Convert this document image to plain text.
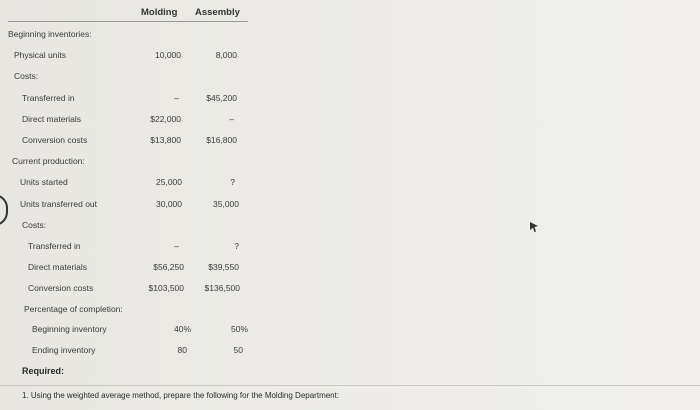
Molding Assembly
Beginning inventories:
Physical units	10,000	8,000
Costs:
Transferred in	–	$45,200
Direct materials	$22,000	–
Conversion costs	$13,800	$16,800
Current production:
Units started	25,000	?
Units transferred out	30,000	35,000
Costs:
Transferred in	–	?
Direct materials	$56,250	$39,550
Conversion costs	$103,500 $136,500
Percentage of completion:
Beginning inventory	40%	50%
Ending inventory	80	50
Required:
1. Using the weighted average method, prepare the following for the Molding Department:
